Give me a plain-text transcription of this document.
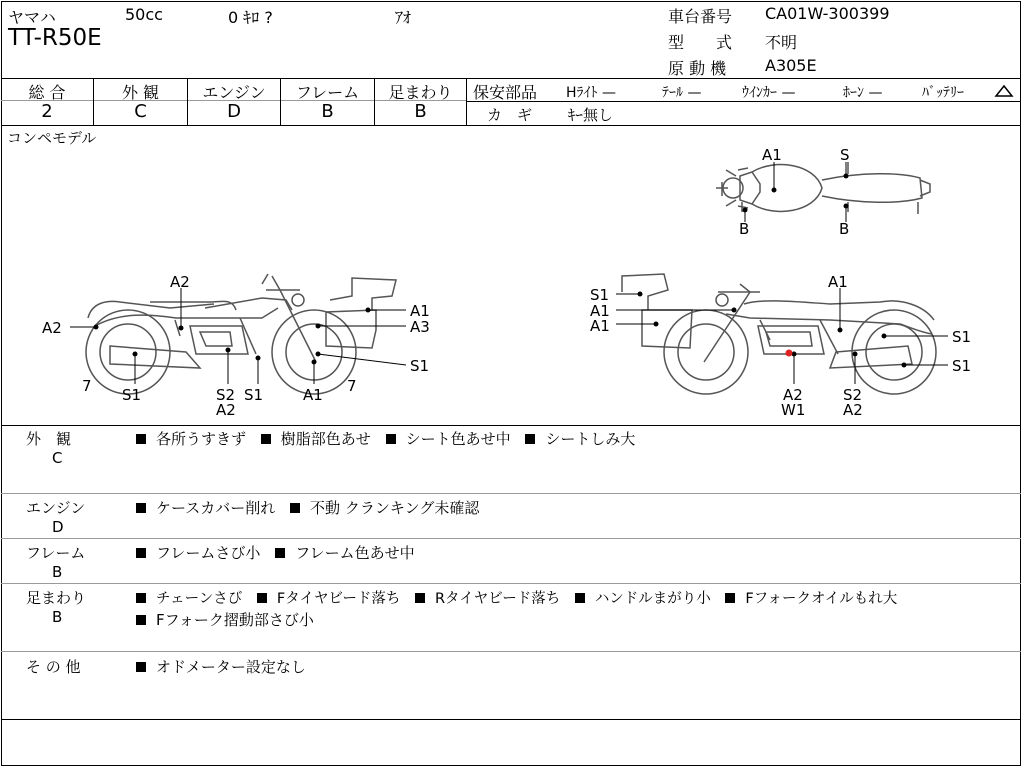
ヤマハ	50cc	0 ｷﾛ ?	ｱｵ
TT-R50E
車台番号 CA01W-300399
型　　式 不明
原 動 機 A305E
総 合	外 観	エンジン	フレーム	足まわり
2	C	D	B	B
保安部品 Hﾗｲﾄ —	ﾃｰﾙ —	ｳｲﾝｶｰ —	ﾎｰﾝ —	ﾊﾞｯﾃﾘｰ
カ　ギ ｷｰ無し
コンペモデル
A1	S
B	B
A2
A2
A1
A3
S1
7 S1	S2
A2
S1	A1 7
A1
S1
A1
A1
S1
S1
A2
W1
S2
A2
外　観
C
各所うすきず 樹脂部色あせ シート色あせ中 シートしみ大
エンジン
D
ケースカバー削れ 不動 クランキング未確認
フレーム
B
フレームさび小 フレーム色あせ中
足まわり
B
チェーンさび Fタイヤビード落ち Rタイヤビード落ち ハンドルまがり小 Fフォークオイルもれ大
Fフォーク摺動部さび小
そ の 他	オドメーター設定なし
